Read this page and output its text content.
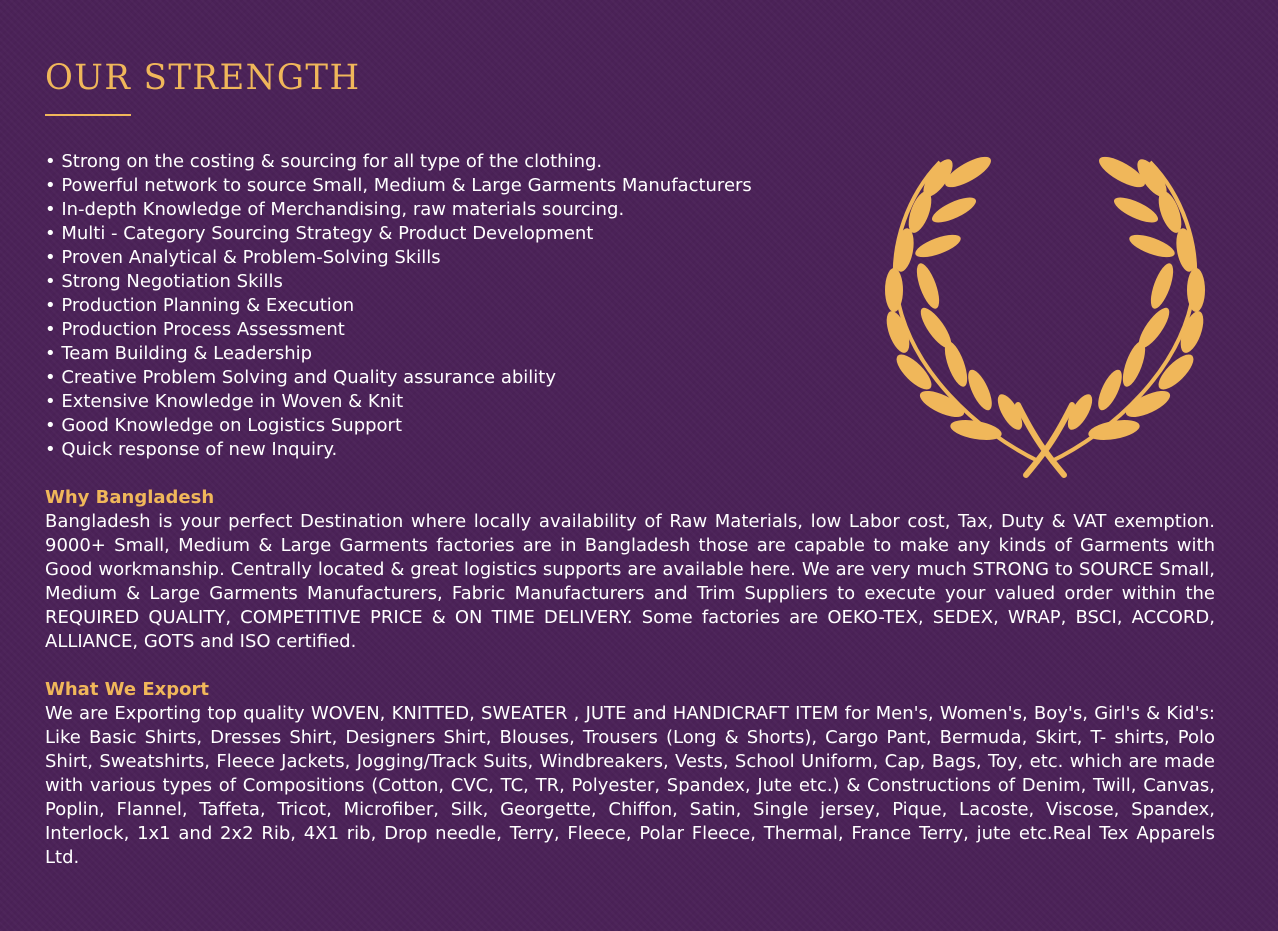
OUR STRENGTH
• Strong on the costing & sourcing for all type of the clothing.
• Powerful network to source Small, Medium & Large Garments Manufacturers
• In-depth Knowledge of Merchandising, raw materials sourcing.
• Multi - Category Sourcing Strategy & Product Development
• Proven Analytical & Problem-Solving Skills
• Strong Negotiation Skills
• Production Planning & Execution
• Production Process Assessment
• Team Building & Leadership
• Creative Problem Solving and Quality assurance ability
• Extensive Knowledge in Woven & Knit
• Good Knowledge on Logistics Support
• Quick response of new Inquiry.
Why Bangladesh

Bangladesh is your perfect Destination where locally availability of Raw Materials, low Labor cost, Tax, Duty & VAT exemption. 9000+ Small, Medium & Large Garments factories are in Bangladesh those are capable to make any kinds of Garments with Good workmanship. Centrally located & great logistics supports are available here. We are very much STRONG to SOURCE Small, Medium & Large Garments Manufacturers, Fabric Manufacturers and Trim Suppliers to execute your valued order within the REQUIRED QUALITY, COMPETITIVE PRICE & ON TIME DELIVERY. Some factories are OEKO-TEX, SEDEX, WRAP, BSCI, ACCORD, ALLIANCE, GOTS and ISO certified.

What We Export

We are Exporting top quality WOVEN, KNITTED, SWEATER , JUTE and HANDICRAFT ITEM for Men's, Women's, Boy's, Girl's & Kid's: Like Basic Shirts, Dresses Shirt, Designers Shirt, Blouses, Trousers (Long & Shorts), Cargo Pant, Bermuda, Skirt, T- shirts, Polo Shirt, Sweatshirts, Fleece Jackets, Jogging/Track Suits, Windbreakers, Vests, School Uniform, Cap, Bags, Toy, etc. which are made with various types of Compositions (Cotton, CVC, TC, TR, Polyester, Spandex, Jute etc.) & Constructions of Denim, Twill, Canvas, Poplin, Flannel, Taffeta, Tricot, Microfiber, Silk, Georgette, Chiffon, Satin, Single jersey, Pique, Lacoste, Viscose, Spandex, Interlock, 1x1 and 2x2 Rib, 4X1 rib, Drop needle, Terry, Fleece, Polar Fleece, Thermal, France Terry, jute etc.Real Tex Apparels Ltd.
